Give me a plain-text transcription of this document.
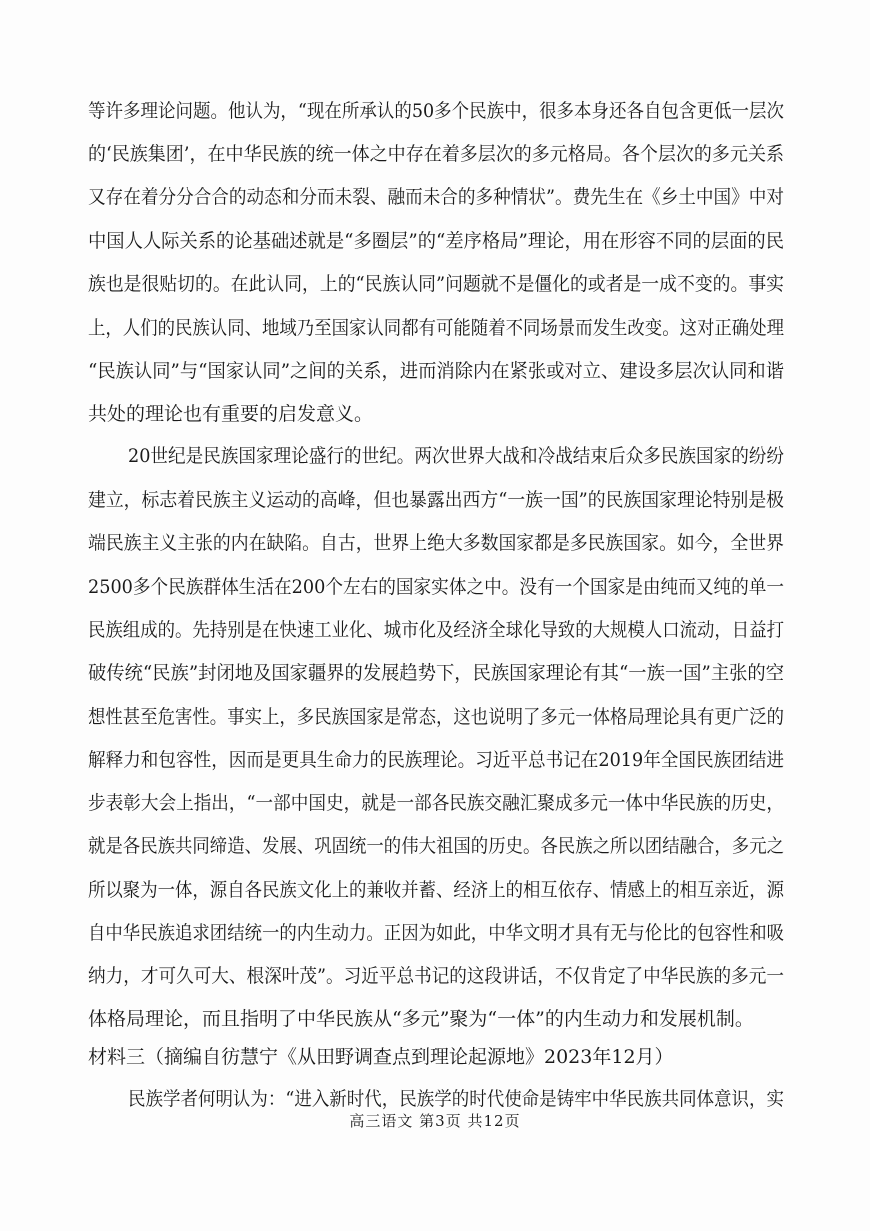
等许多理论问题。他认为，“现在所承认的50多个民族中，很多本身还各自包含更低一层次
的‘民族集团’，在中华民族的统一体之中存在着多层次的多元格局。各个层次的多元关系
又存在着分分合合的动态和分而未裂、融而未合的多种情状”。费先生在《乡土中国》中对
中国人人际关系的论基础述就是“多圈层”的“差序格局”理论，用在形容不同的层面的民
族也是很贴切的。在此认同，上的“民族认同”问题就不是僵化的或者是一成不变的。事实
上，人们的民族认同、地域乃至国家认同都有可能随着不同场景而发生改变。这对正确处理
“民族认同”与“国家认同”之间的关系，进而消除内在紧张或对立、建设多层次认同和谐
共处的理论也有重要的启发意义。
20世纪是民族国家理论盛行的世纪。两次世界大战和冷战结束后众多民族国家的纷纷
建立，标志着民族主义运动的高峰，但也暴露出西方“一族一国”的民族国家理论特别是极
端民族主义主张的内在缺陷。自古，世界上绝大多数国家都是多民族国家。如今，全世界
2500多个民族群体生活在200个左右的国家实体之中。没有一个国家是由纯而又纯的单一
民族组成的。先持别是在快速工业化、城市化及经济全球化导致的大规模人口流动，日益打
破传统“民族”封闭地及国家疆界的发展趋势下，民族国家理论有其“一族一国”主张的空
想性甚至危害性。事实上，多民族国家是常态，这也说明了多元一体格局理论具有更广泛的
解释力和包容性，因而是更具生命力的民族理论。习近平总书记在2019年全国民族团结进
步表彰大会上指出，“一部中国史，就是一部各民族交融汇聚成多元一体中华民族的历史，
就是各民族共同缔造、发展、巩固统一的伟大祖国的历史。各民族之所以团结融合，多元之
所以聚为一体，源自各民族文化上的兼收并蓄、经济上的相互依存、情感上的相互亲近，源
自中华民族追求团结统一的内生动力。正因为如此，中华文明才具有无与伦比的包容性和吸
纳力，才可久可大、根深叶茂”。习近平总书记的这段讲话，不仅肯定了中华民族的多元一
体格局理论，而且指明了中华民族从“多元”聚为“一体”的内生动力和发展机制。
材料三（摘编自彷慧宁《从田野调查点到理论起源地》2023年12月）
民族学者何明认为：“进入新时代，民族学的时代使命是铸牢中华民族共同体意识，实
高三语文 第3页 共12页
